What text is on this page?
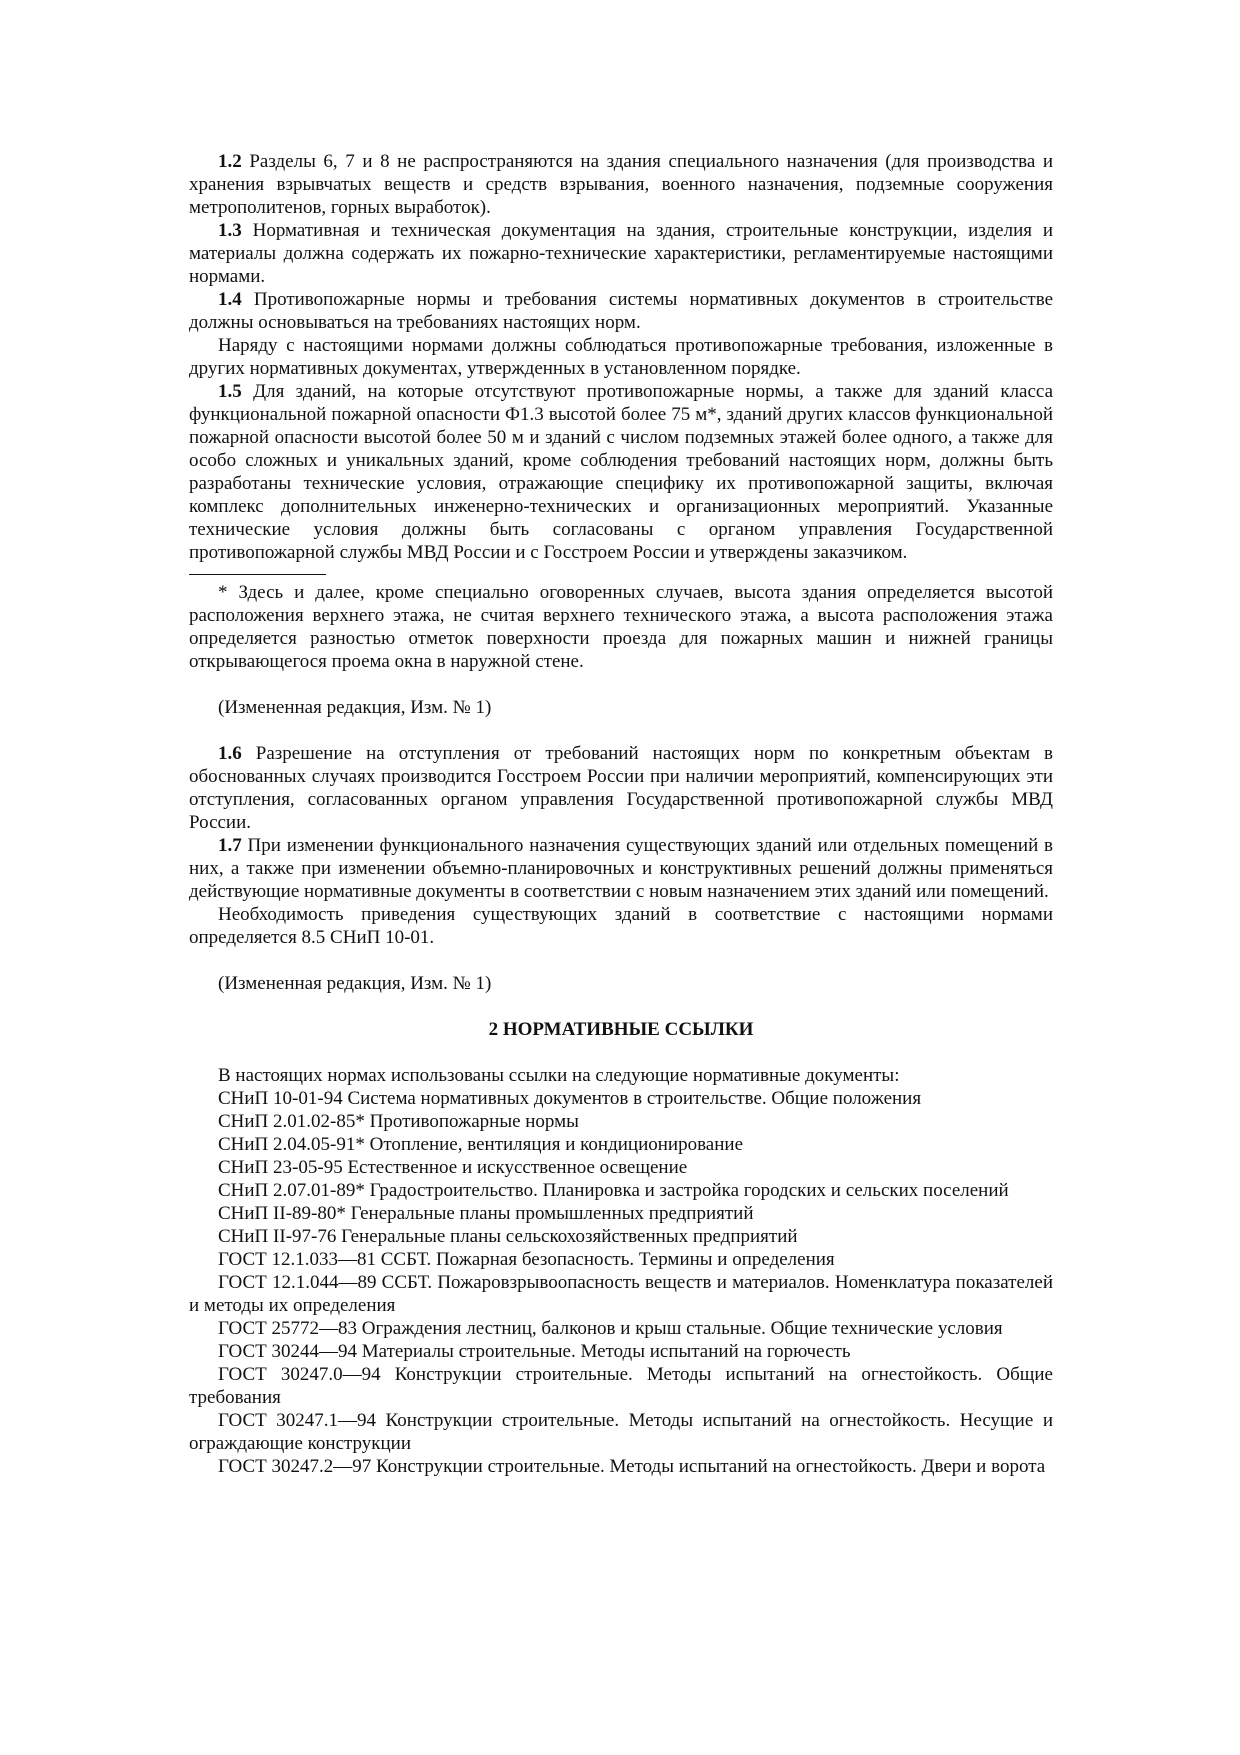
1.2 Разделы 6, 7 и 8 не распространяются на здания специального назначения (для производства и хранения взрывчатых веществ и средств взрывания, военного назначения, подземные сооружения метрополитенов, горных выработок).

1.3 Нормативная и техническая документация на здания, строительные конструкции, изделия и материалы должна содержать их пожарно-технические характеристики, регламентируемые настоящими нормами.

1.4 Противопожарные нормы и требования системы нормативных документов в строительстве должны основываться на требованиях настоящих норм.

Наряду с настоящими нормами должны соблюдаться противопожарные требования, изложенные в других нормативных документах, утвержденных в установленном порядке.

1.5 Для зданий, на которые отсутствуют противопожарные нормы, а также для зданий класса функциональной пожарной опасности Ф1.3 высотой более 75 м*, зданий других классов функциональной пожарной опасности высотой более 50 м и зданий с числом подземных этажей более одного, а также для особо сложных и уникальных зданий, кроме соблюдения требований настоящих норм, должны быть разработаны технические условия, отражающие специфику их противопожарной защиты, включая комплекс дополнительных инженерно-технических и организационных мероприятий. Указанные технические условия должны быть согласованы с органом управления Государственной противопожарной службы МВД России и с Госстроем России и утверждены заказчиком.

* Здесь и далее, кроме специально оговоренных случаев, высота здания определяется высотой расположения верхнего этажа, не считая верхнего технического этажа, а высота расположения этажа определяется разностью отметок поверхности проезда для пожарных машин и нижней границы открывающегося проема окна в наружной стене.

(Измененная редакция, Изм. № 1)

1.6 Разрешение на отступления от требований настоящих норм по конкретным объектам в обоснованных случаях производится Госстроем России при наличии мероприятий, компенсирующих эти отступления, согласованных органом управления Государственной противопожарной службы МВД России.

1.7 При изменении функционального назначения существующих зданий или отдельных помещений в них, а также при изменении объемно-планировочных и конструктивных решений должны применяться действующие нормативные документы в соответствии с новым назначением этих зданий или помещений.

Необходимость приведения существующих зданий в соответствие с настоящими нормами определяется 8.5 СНиП 10-01.

(Измененная редакция, Изм. № 1)

2 НОРМАТИВНЫЕ ССЫЛКИ

В настоящих нормах использованы ссылки на следующие нормативные документы:

СНиП 10-01-94 Система нормативных документов в строительстве. Общие положения

СНиП 2.01.02-85* Противопожарные нормы

СНиП 2.04.05-91* Отопление, вентиляция и кондиционирование

СНиП 23-05-95 Естественное и искусственное освещение

СНиП 2.07.01-89* Градостроительство. Планировка и застройка городских и сельских поселений

СНиП II-89-80* Генеральные планы промышленных предприятий

СНиП II-97-76 Генеральные планы сельскохозяйственных предприятий

ГОСТ 12.1.033—81 ССБТ. Пожарная безопасность. Термины и определения

ГОСТ 12.1.044—89 ССБТ. Пожаровзрывоопасность веществ и материалов. Номенклатура показателей и методы их определения

ГОСТ 25772—83 Ограждения лестниц, балконов и крыш стальные. Общие технические условия

ГОСТ 30244—94 Материалы строительные. Методы испытаний на горючесть

ГОСТ 30247.0—94 Конструкции строительные. Методы испытаний на огнестойкость. Общие требования

ГОСТ 30247.1—94 Конструкции строительные. Методы испытаний на огнестойкость. Несущие и ограждающие конструкции

ГОСТ 30247.2—97 Конструкции строительные. Методы испытаний на огнестойкость. Двери и ворота
